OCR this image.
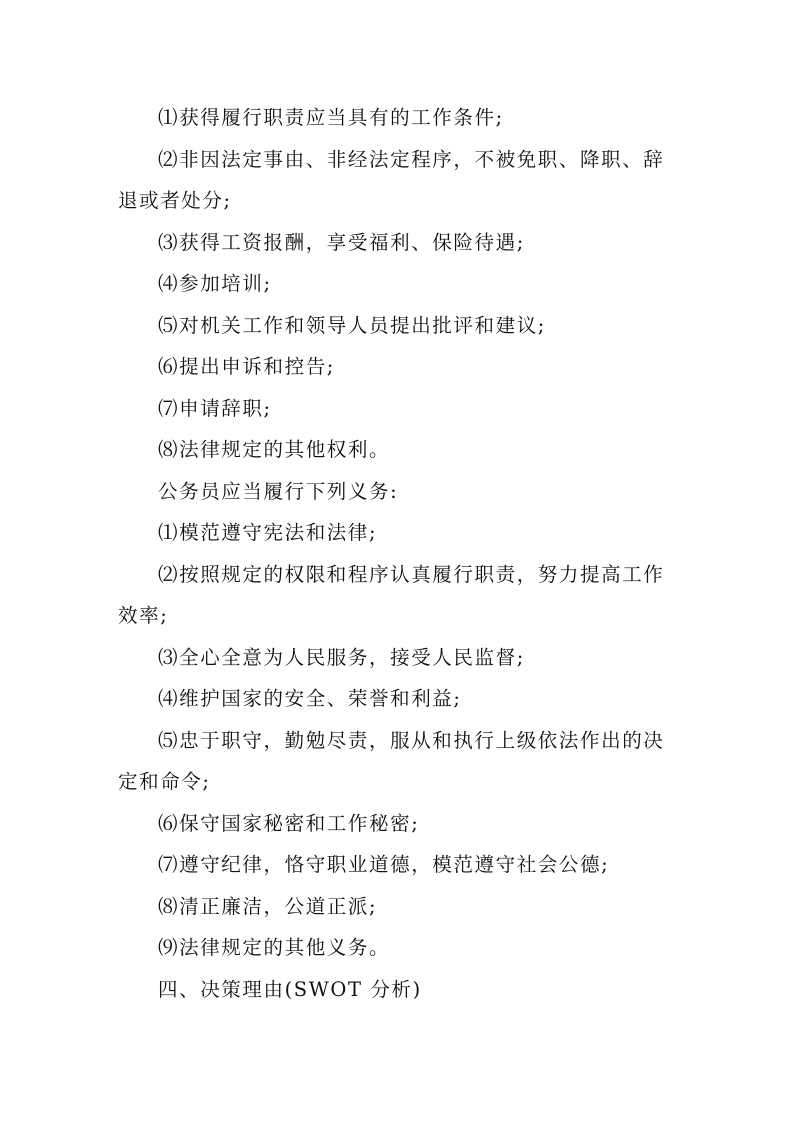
⑴获得履行职责应当具有的工作条件;

⑵非因法定事由、非经法定程序，不被免职、降职、辞退或者处分;

⑶获得工资报酬，享受福利、保险待遇;

⑷参加培训;

⑸对机关工作和领导人员提出批评和建议;

⑹提出申诉和控告;

⑺申请辞职;

⑻法律规定的其他权利。

公务员应当履行下列义务:

⑴模范遵守宪法和法律;

⑵按照规定的权限和程序认真履行职责，努力提高工作效率;

⑶全心全意为人民服务，接受人民监督;

⑷维护国家的安全、荣誉和利益;

⑸忠于职守，勤勉尽责，服从和执行上级依法作出的决定和命令;

⑹保守国家秘密和工作秘密;

⑺遵守纪律，恪守职业道德，模范遵守社会公德;

⑻清正廉洁，公道正派;

⑼法律规定的其他义务。

四、决策理由(SWOT 分析)
